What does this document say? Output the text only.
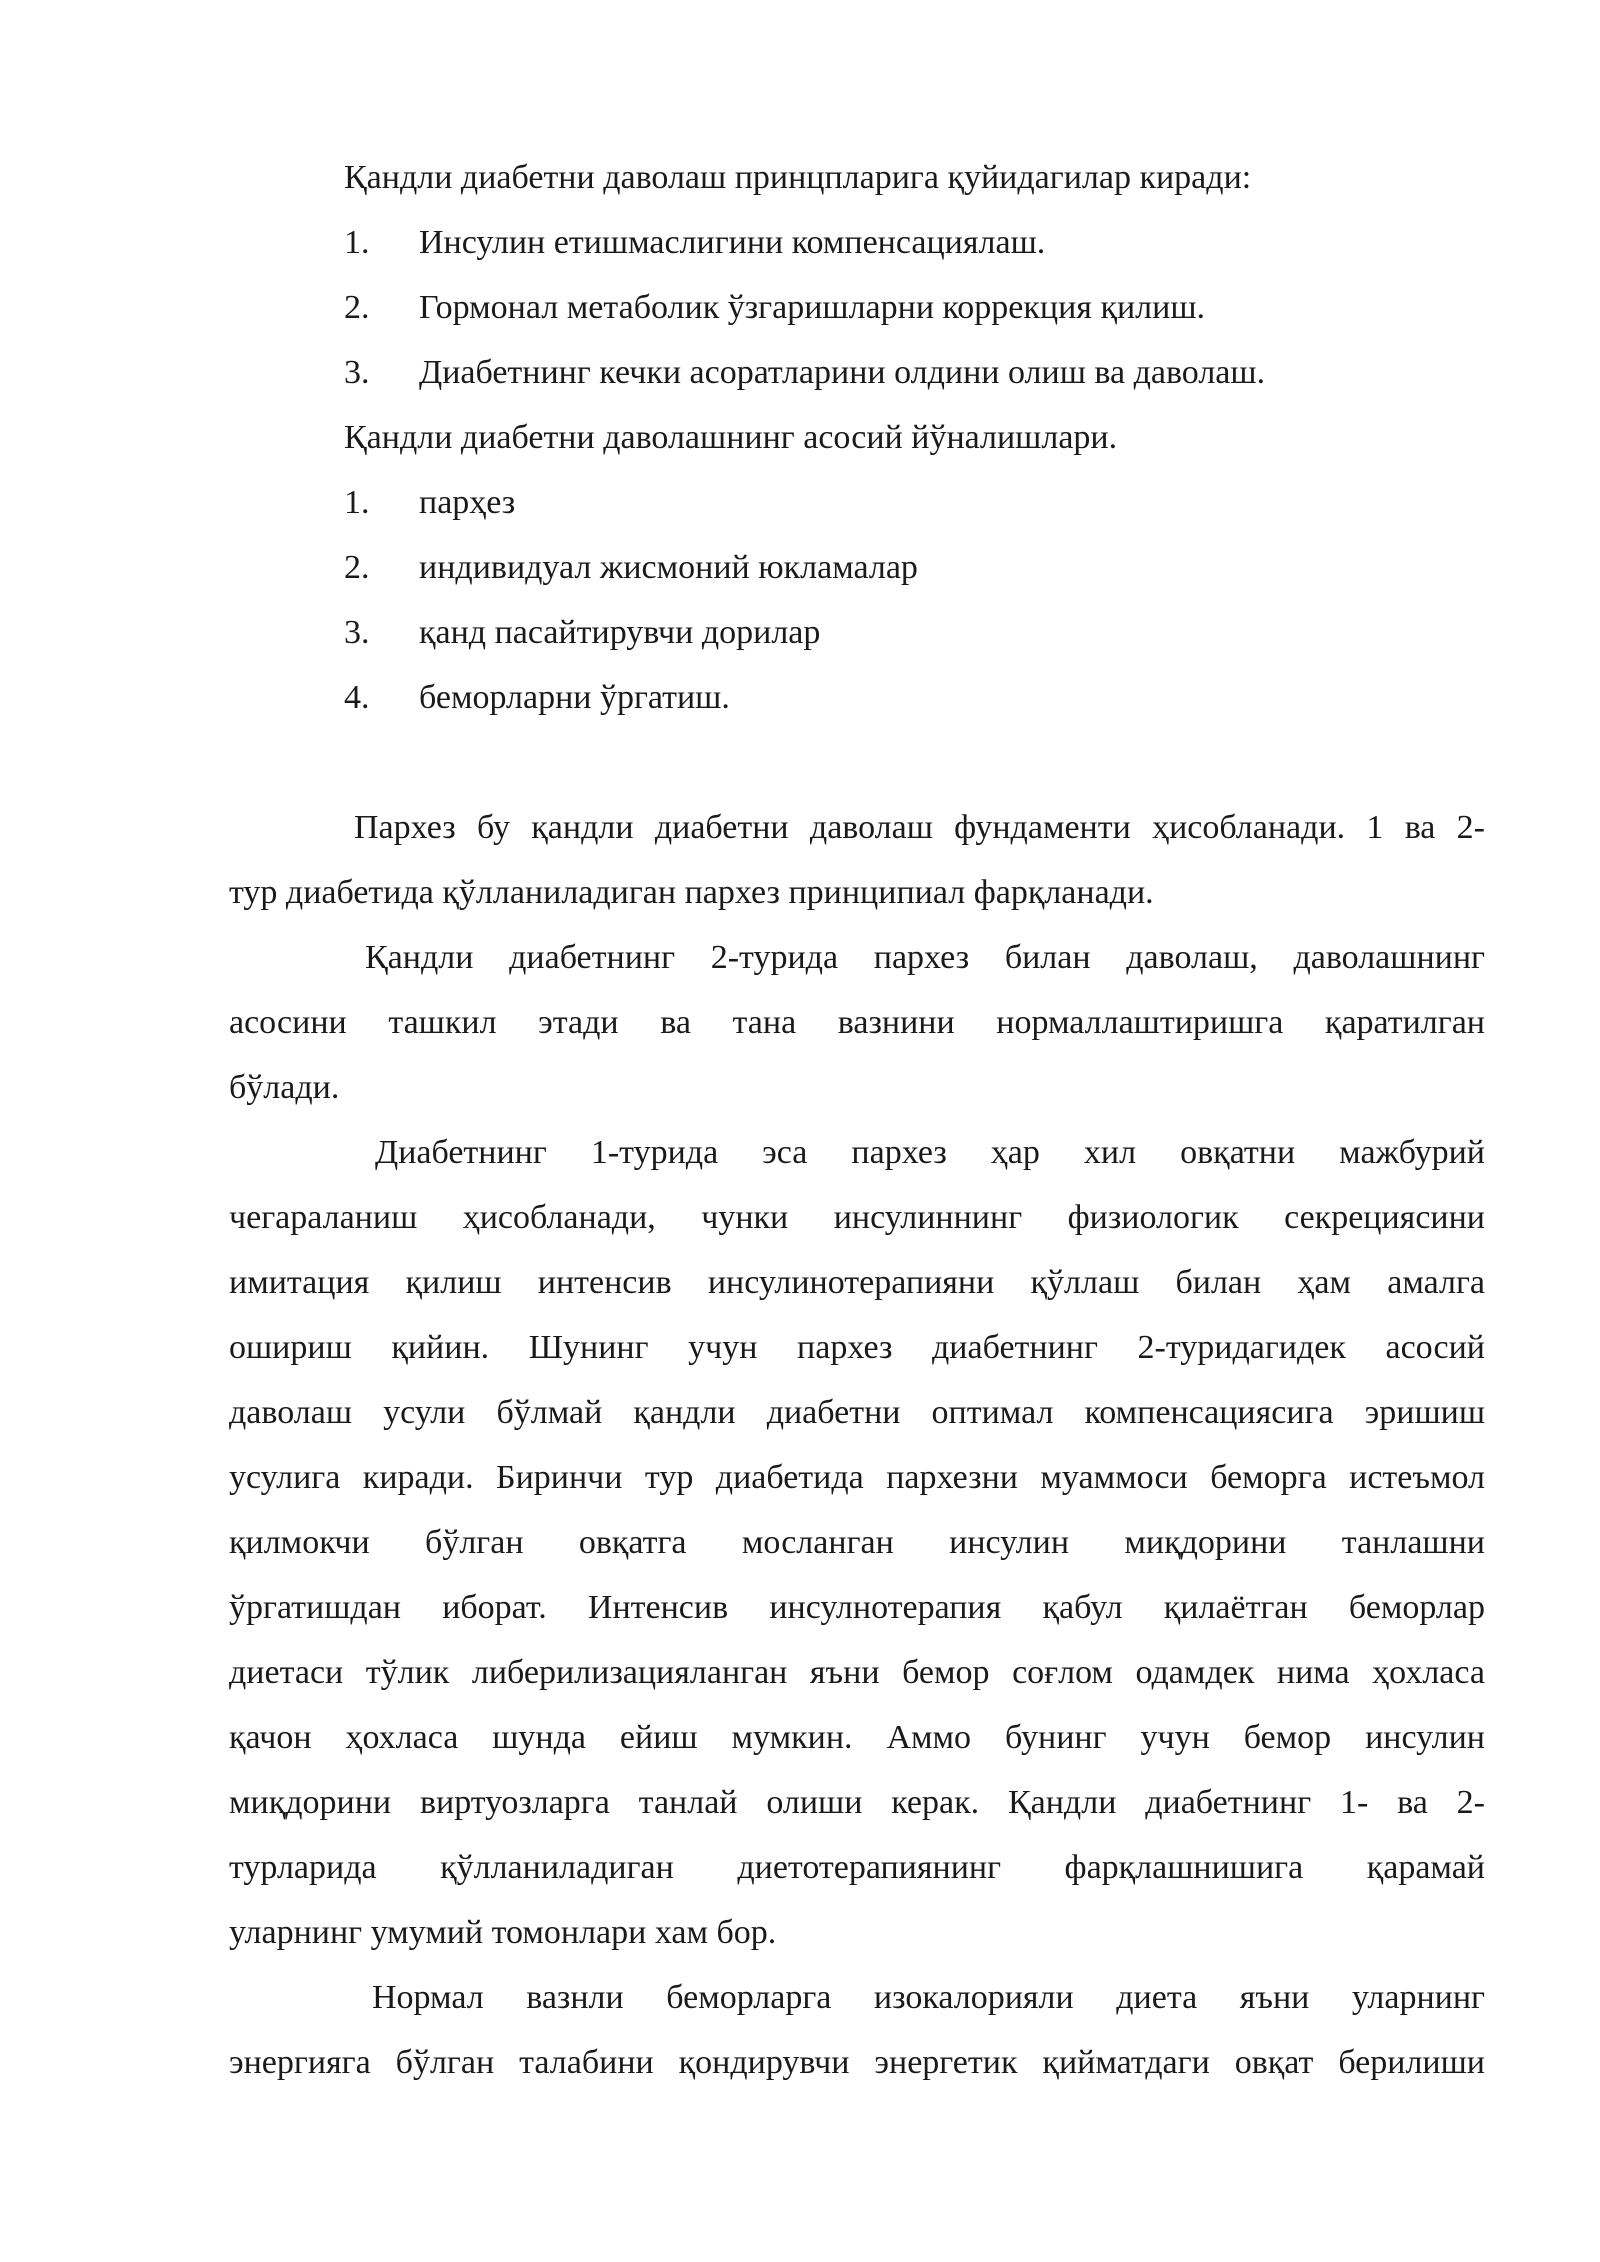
Қандли диабетни даволаш принцпларига қуйидагилар киради:
1. Инсулин етишмаслигини компенсациялаш.
2. Гормонал метаболик ўзгаришларни коррекция қилиш.
3. Диабетнинг кечки асоратларини олдини олиш ва даволаш.
Қандли диабетни даволашнинг асосий йўналишлари.
1. парҳез
2. индивидуал жисмоний юкламалар
3. қанд пасайтирувчи дорилар
4. беморларни ўргатиш.
Пархез бу қандли диабетни даволаш фундаменти ҳисобланади. 1 ва 2-
тур диабетида қўлланиладиган пархез принципиал фарқланади.
Қандли диабетнинг 2-турида пархез билан даволаш, даволашнинг
асосини ташкил этади ва тана вазнини нормаллаштиришга қаратилган
бўлади.
Диабетнинг 1-турида эса пархез ҳар хил овқатни мажбурий
чегараланиш ҳисобланади, чунки инсулиннинг физиологик секрециясини
имитация қилиш интенсив инсулинотерапияни қўллаш билан ҳам амалга
ошириш қийин. Шунинг учун пархез диабетнинг 2-туридагидек асосий
даволаш усули бўлмай қандли диабетни оптимал компенсациясига эришиш
усулига киради. Биринчи тур диабетида пархезни муаммоси беморга истеъмол
қилмокчи бўлган овқатга мосланган инсулин миқдорини танлашни
ўргатишдан иборат. Интенсив инсулнотерапия қабул қилаётган беморлар
диетаси тўлик либерилизацияланган яъни бемор соғлом одамдек нима ҳохласа
қачон ҳохласа шунда ейиш мумкин. Аммо бунинг учун бемор инсулин
миқдорини виртуозларга танлай олиши керак. Қандли диабетнинг 1- ва 2-
турларида қўлланиладиган диетотерапиянинг фарқлашнишига қарамай
уларнинг умумий томонлари хам бор.
Нормал вазнли беморларга изокалорияли диета яъни уларнинг
энергияга бўлган талабини қондирувчи энергетик қийматдаги овқат берилиши
